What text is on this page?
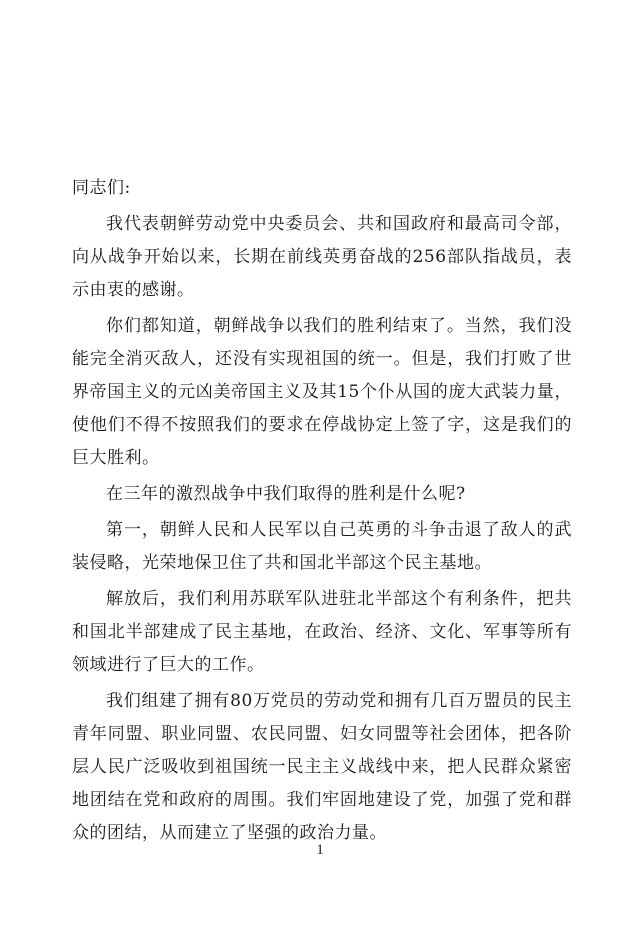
同志们:

我代表朝鲜劳动党中央委员会、共和国政府和最高司令部，向从战争开始以来，长期在前线英勇奋战的256部队指战员，表示由衷的感谢。

你们都知道，朝鲜战争以我们的胜利结束了。当然，我们没能完全消灭敌人，还没有实现祖国的统一。但是，我们打败了世界帝国主义的元凶美帝国主义及其15个仆从国的庞大武装力量，使他们不得不按照我们的要求在停战协定上签了字，这是我们的巨大胜利。

在三年的激烈战争中我们取得的胜利是什么呢?

第一，朝鲜人民和人民军以自己英勇的斗争击退了敌人的武装侵略，光荣地保卫住了共和国北半部这个民主基地。

解放后，我们利用苏联军队进驻北半部这个有利条件，把共和国北半部建成了民主基地，在政治、经济、文化、军事等所有领域进行了巨大的工作。

我们组建了拥有80万党员的劳动党和拥有几百万盟员的民主青年同盟、职业同盟、农民同盟、妇女同盟等社会团体，把各阶层人民广泛吸收到祖国统一民主主义战线中来，把人民群众紧密地团结在党和政府的周围。我们牢固地建设了党，加强了党和群众的团结，从而建立了坚强的政治力量。

1
